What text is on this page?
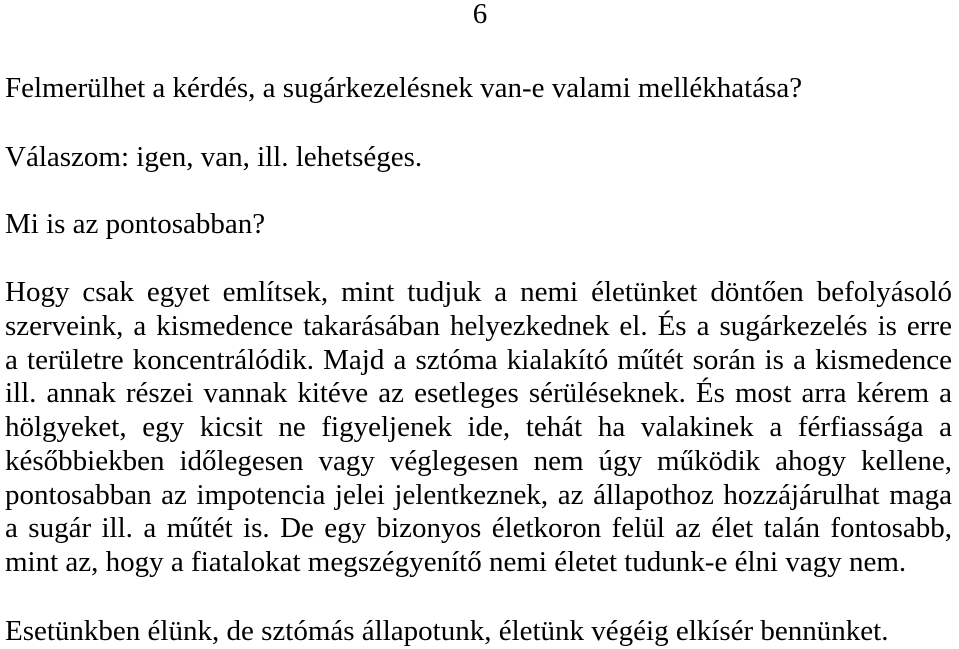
6
Felmerülhet a kérdés, a sugárkezelésnek van-e valami mellékhatása?
Válaszom: igen, van, ill. lehetséges.
Mi is az pontosabban?
Hogy csak egyet említsek, mint tudjuk a nemi életünket döntően befolyásoló
szerveink, a kismedence takarásában helyezkednek el. És a sugárkezelés is erre
a területre koncentrálódik. Majd a sztóma kialakító műtét során is a kismedence
ill. annak részei vannak kitéve az esetleges sérüléseknek. És most arra kérem a
hölgyeket, egy kicsit ne figyeljenek ide, tehát ha valakinek a férfiassága a
későbbiekben időlegesen vagy véglegesen nem úgy működik ahogy kellene,
pontosabban az impotencia jelei jelentkeznek, az állapothoz hozzájárulhat maga
a sugár ill. a műtét is. De egy bizonyos életkoron felül az élet talán fontosabb,
mint az, hogy a fiatalokat megszégyenítő nemi életet tudunk-e élni vagy nem.
Esetünkben élünk, de sztómás állapotunk, életünk végéig elkísér bennünket.
